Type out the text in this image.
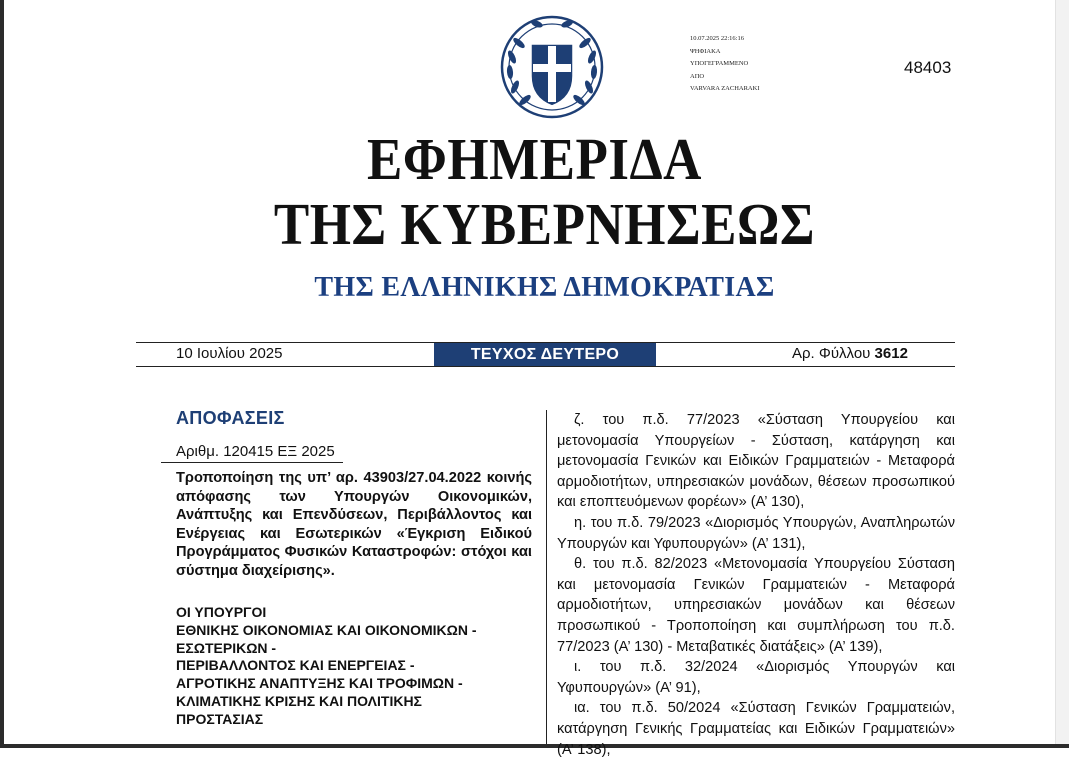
10.07.2025 22:16:16
ΨΗΦΙΑΚΑ
ΥΠΟΓΕΓΡΑΜΜΕΝΟ
ΑΠΟ
VARVARA ZACHARAKI
48403
ΕΦΗΜΕΡΙΔΑ
ΤΗΣ ΚΥΒΕΡΝΗΣΕΩΣ
ΤΗΣ ΕΛΛΗΝΙΚΗΣ ΔΗΜΟΚΡΑΤΙΑΣ
10 Ιουλίου 2025	ΤΕΥΧΟΣ ΔΕΥΤΕΡΟ	Αρ. Φύλλου 3612
ΑΠΟΦΑΣΕΙΣ
Αριθμ. 120415 ΕΞ 2025
Τροποποίηση της υπ’ αρ. 43903/27.04.2022 κοινής απόφασης των Υπουργών Οικονομικών, Ανάπτυξης και Επενδύσεων, Περιβάλλοντος και Ενέργειας και Εσωτερικών «Έγκριση Ειδικού Προγράμματος Φυσικών Καταστροφών: στόχοι και σύστημα διαχείρισης».
ΟΙ ΥΠΟΥΡΓΟΙ
ΕΘΝΙΚΗΣ ΟΙΚΟΝΟΜΙΑΣ ΚΑΙ ΟΙΚΟΝΟΜΙΚΩΝ -
ΕΣΩΤΕΡΙΚΩΝ -
ΠΕΡΙΒΑΛΛΟΝΤΟΣ ΚΑΙ ΕΝΕΡΓΕΙΑΣ -
ΑΓΡΟΤΙΚΗΣ ΑΝΑΠΤΥΞΗΣ ΚΑΙ ΤΡΟΦΙΜΩΝ -
ΚΛΙΜΑΤΙΚΗΣ ΚΡΙΣΗΣ ΚΑΙ ΠΟΛΙΤΙΚΗΣ
ΠΡΟΣΤΑΣΙΑΣ

ζ. του π.δ. 77/2023 «Σύσταση Υπουργείου και μετονομασία Υπουργείων - Σύσταση, κατάργηση και μετονομασία Γενικών και Ειδικών Γραμματειών - Μεταφορά αρμοδιοτήτων, υπηρεσιακών μονάδων, θέσεων προσωπικού και εποπτευόμενων φορέων» (Α’ 130),

η. του π.δ. 79/2023 «Διορισμός Υπουργών, Αναπληρωτών Υπουργών και Υφυπουργών» (Α’ 131),

θ. του π.δ. 82/2023 «Μετονομασία Υπουργείου Σύσταση και μετονομασία Γενικών Γραμματειών - Μεταφορά αρμοδιοτήτων, υπηρεσιακών μονάδων και θέσεων προσωπικού - Τροποποίηση και συμπλήρωση του π.δ. 77/2023 (Α’ 130) - Μεταβατικές διατάξεις» (Α’ 139),

ι. του π.δ. 32/2024 «Διορισμός Υπουργών και Υφυπουργών» (Α’ 91),

ια. του π.δ. 50/2024 «Σύσταση Γενικών Γραμματειών, κατάργηση Γενικής Γραμματείας και Ειδικών Γραμματειών» (Α’ 138),
